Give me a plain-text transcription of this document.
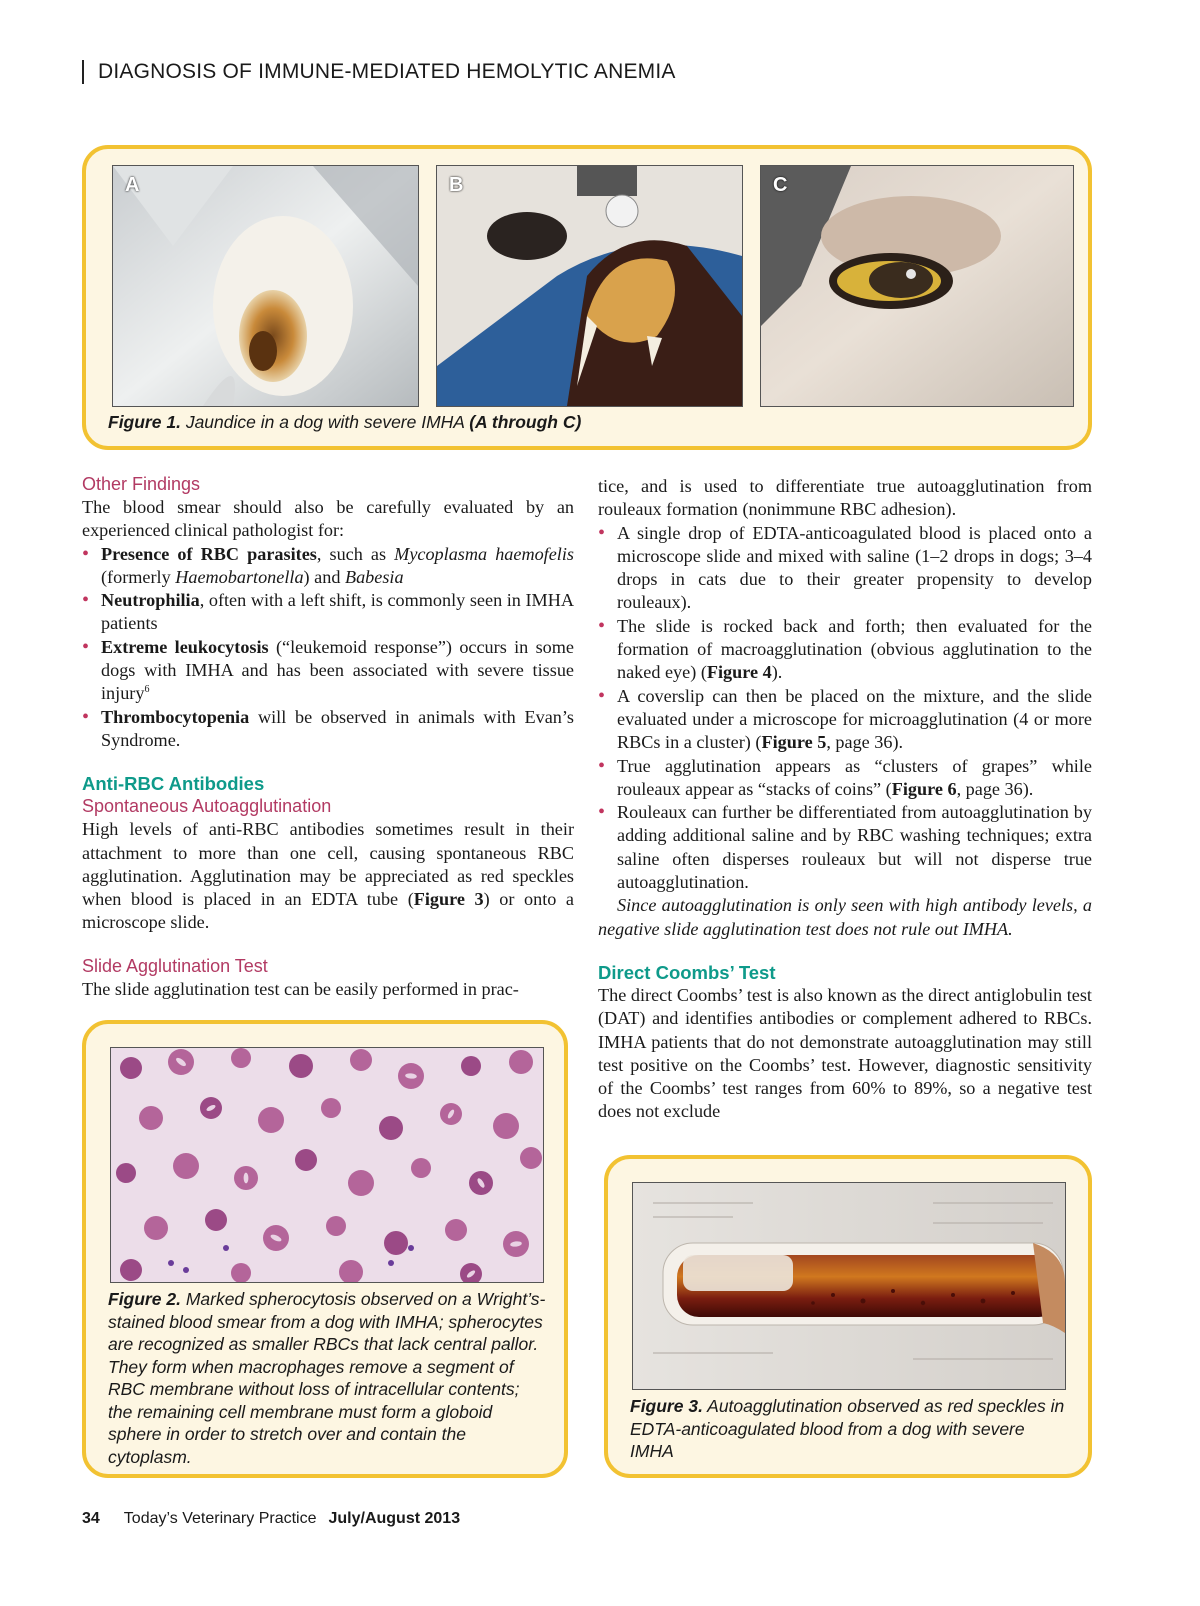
DIAGNOSIS OF IMMUNE-MEDIATED HEMOLYTIC ANEMIA
A	B	C
Figure 1. Jaundice in a dog with severe IMHA (A through C)
Other Findings

The blood smear should also be carefully evaluated by an experienced clinical pathologist for:

• Presence of RBC parasites, such as Mycoplasma haemofelis (formerly Haemobartonella) and Babesia
• Neutrophilia, often with a left shift, is commonly seen in IMHA patients
• Extreme leukocytosis (“leukemoid response”) occurs in some dogs with IMHA and has been associated with severe tissue injury$^6$
• Thrombocytopenia will be observed in animals with Evan’s Syndrome.
Anti-RBC Antibodies
Spontaneous Autoagglutination

High levels of anti-RBC antibodies sometimes result in their attachment to more than one cell, causing spontaneous RBC agglutination. Agglutination may be appreciated as red speckles when blood is placed in an EDTA tube (Figure 3) or onto a microscope slide.

Slide Agglutination Test

The slide agglutination test can be easily performed in prac-

tice, and is used to differentiate true autoagglutination from rouleaux formation (nonimmune RBC adhesion).

• A single drop of EDTA-anticoagulated blood is placed onto a microscope slide and mixed with saline (1–2 drops in dogs; 3–4 drops in cats due to their greater propensity to develop rouleaux).
• The slide is rocked back and forth; then evaluated for the formation of macroagglutination (obvious agglutination to the naked eye) (Figure 4).
• A coverslip can then be placed on the mixture, and the slide evaluated under a microscope for microagglutination (4 or more RBCs in a cluster) (Figure 5, page 36).
• True agglutination appears as “clusters of grapes” while rouleaux appear as “stacks of coins” (Figure 6, page 36).
• Rouleaux can further be differentiated from autoagglutination by adding additional saline and by RBC washing techniques; extra saline often disperses rouleaux but will not disperse true autoagglutination.

Since autoagglutination is only seen with high antibody levels, a negative slide agglutination test does not rule out IMHA.

Direct Coombs’ Test

The direct Coombs’ test is also known as the direct antiglobulin test (DAT) and identifies antibodies or complement adhered to RBCs. IMHA patients that do not demonstrate autoagglutination may still test positive on the Coombs’ test. However, diagnostic sensitivity of the Coombs’ test ranges from 60% to 89%, so a negative test does not exclude

Figure 2. Marked spherocytosis observed on a Wright’s-stained blood smear from a dog with IMHA; spherocytes are recognized as smaller RBCs that lack central pallor. They form when macrophages remove a segment of RBC membrane without loss of intracellular contents; the remaining cell membrane must form a globoid sphere in order to stretch over and contain the cytoplasm.
Figure 3. Autoagglutination observed as red speckles in EDTA-anticoagulated blood from a dog with severe IMHA
34 Today’s Veterinary Practice July/August 2013
